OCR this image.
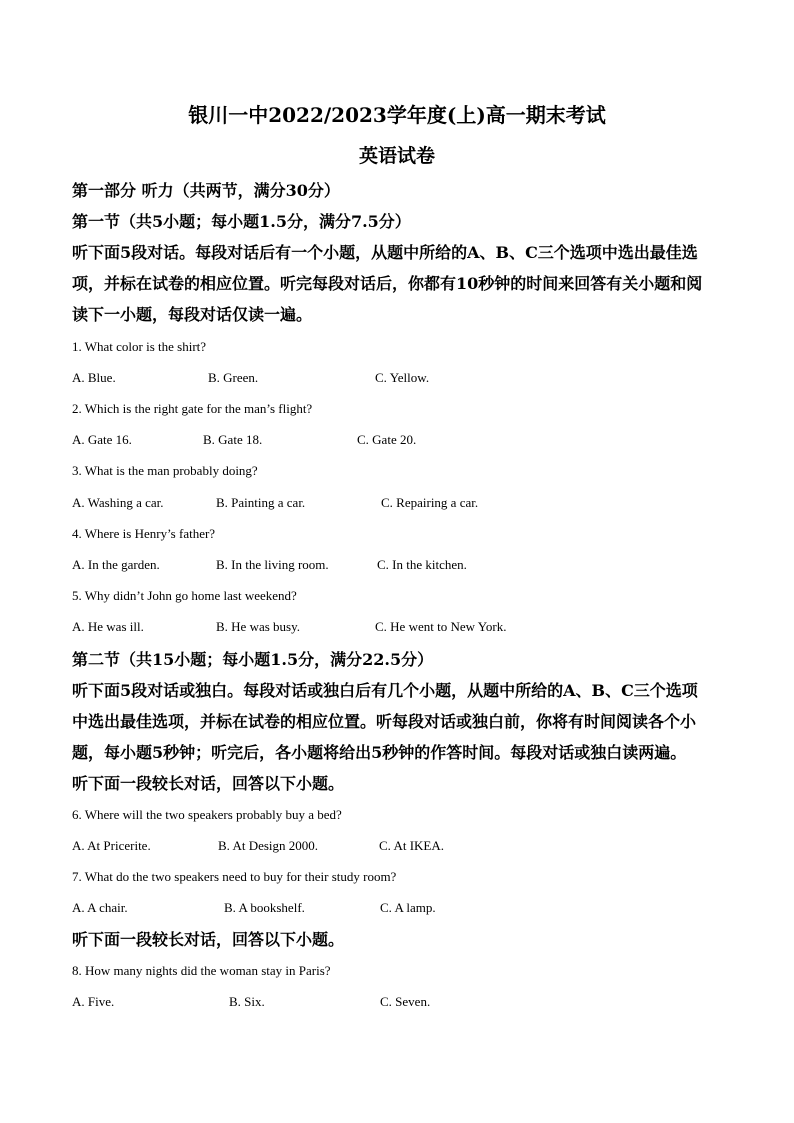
银川一中2022/2023学年度(上)高一期末考试
英语试卷
第一部分 听力（共两节，满分30分）
第一节（共5小题；每小题1.5分，满分7.5分）
听下面5段对话。每段对话后有一个小题，从题中所给的A、B、C三个选项中选出最佳选
项，并标在试卷的相应位置。听完每段对话后，你都有10秒钟的时间来回答有关小题和阅
读下一小题，每段对话仅读一遍。
1. What color is the shirt?
A. Blue.	B. Green.	C. Yellow.
2. Which is the right gate for the man’s flight?
A. Gate 16.	B. Gate 18.	C. Gate 20.
3. What is the man probably doing?
A. Washing a car.	B. Painting a car.	C. Repairing a car.
4. Where is Henry’s father?
A. In the garden.	B. In the living room.	C. In the kitchen.
5. Why didn’t John go home last weekend?
A. He was ill.	B. He was busy.	C. He went to New York.
第二节（共15小题；每小题1.5分，满分22.5分）
听下面5段对话或独白。每段对话或独白后有几个小题，从题中所给的A、B、C三个选项
中选出最佳选项，并标在试卷的相应位置。听每段对话或独白前，你将有时间阅读各个小
题，每小题5秒钟；听完后，各小题将给出5秒钟的作答时间。每段对话或独白读两遍。
听下面一段较长对话，回答以下小题。
6. Where will the two speakers probably buy a bed?
A. At Pricerite.	B. At Design 2000.	C. At IKEA.
7. What do the two speakers need to buy for their study room?
A. A chair.	B. A bookshelf.	C. A lamp.
听下面一段较长对话，回答以下小题。
8. How many nights did the woman stay in Paris?
A. Five.	B. Six.	C. Seven.
